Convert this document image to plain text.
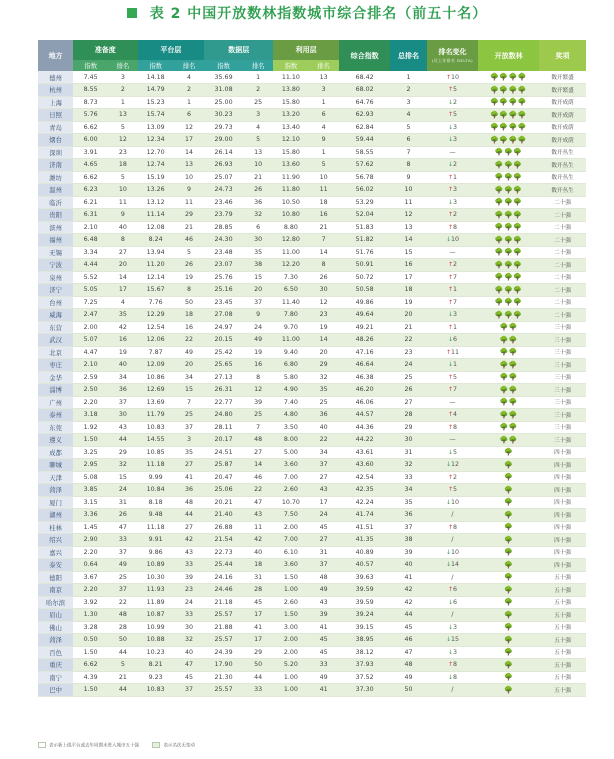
表 2 中国开放数林指数城市综合排名（前五十名）
地方	准备度		平台层		数据层		利用层		综合指数	总排名	排名变化
(比上年排名 DELTA)	开放数林	奖项
	指数	排名	指数	排名	指数	排名	指数	排名					
德州	7.45	3	14.18	4	35.69	1	11.10	13	68.42	1	↑10	🌳🌳🌳🌳	数开繁盛
杭州	8.55	2	14.79	2	31.08	2	13.80	3	68.02	2	↑5	🌳🌳🌳🌳	数开繁盛
上海	8.73	1	15.23	1	25.00	25	15.80	1	64.76	3	↓2	🌳🌳🌳🌳	数开成荫
日照	5.76	13	15.74	6	30.23	3	13.20	6	62.93	4	↑5	🌳🌳🌳🌳	数开成荫
青岛	6.62	5	13.09	12	29.73	4	13.40	4	62.84	5	↓3	🌳🌳🌳🌳	数开成荫
烟台	6.00	12	12.34	17	29.00	5	12.10	9	59.44	6	↓3	🌳🌳🌳🌳	数开成荫
深圳	3.91	23	12.70	14	26.14	13	15.80	1	58.55	7	—	🌳🌳🌳	数开丛生
济南	4.65	18	12.74	13	26.93	10	13.60	5	57.62	8	↓2	🌳🌳🌳	数开丛生
潍坊	6.62	5	15.19	10	25.07	21	11.90	10	56.78	9	↑1	🌳🌳🌳	数开丛生
温州	6.23	10	13.26	9	24.73	26	11.80	11	56.02	10	↑3	🌳🌳🌳	数开丛生
临沂	6.21	11	13.12	11	23.46	36	10.50	18	53.29	11	↓3	🌳🌳🌳	二十强
贵阳	6.31	9	11.14	29	23.79	32	10.80	16	52.04	12	↑2	🌳🌳🌳	二十强
滨州	2.10	40	12.08	21	28.85	6	8.80	21	51.83	13	↑8	🌳🌳🌳	二十强
福州	6.48	8	8.24	46	24.30	30	12.80	7	51.82	14	↓10	🌳🌳🌳	二十强
无锡	3.34	27	13.94	5	23.48	35	11.00	14	51.76	15	—	🌳🌳🌳	二十强
宁波	4.44	20	11.20	26	23.07	38	12.20	8	50.91	16	↑2	🌳🌳🌳	二十强
泉州	5.52	14	12.14	19	25.76	15	7.30	26	50.72	17	↑7	🌳🌳🌳	二十强
济宁	5.05	17	15.67	8	25.16	20	6.50	30	50.58	18	↑1	🌳🌳🌳	二十强
台州	7.25	4	7.76	50	23.45	37	11.40	12	49.86	19	↑7	🌳🌳🌳	二十强
威海	2.47	35	12.29	18	27.08	9	7.80	23	49.64	20	↓3	🌳🌳🌳	二十强
东营	2.00	42	12.54	16	24.97	24	9.70	19	49.21	21	↑1	🌳🌳	三十强
武汉	5.07	16	12.06	22	20.15	49	11.00	14	48.26	22	↓6	🌳🌳	三十强
北京	4.47	19	7.87	49	25.42	19	9.40	20	47.16	23	↑11	🌳🌳	三十强
枣庄	2.10	40	12.09	20	25.65	16	6.80	29	46.64	24	↓1	🌳🌳	三十强
金华	2.59	34	10.86	34	27.13	8	5.80	32	46.38	25	↑5	🌳🌳	三十强
淄博	2.50	36	12.69	15	26.31	12	4.90	35	46.20	26	↑7	🌳🌳	三十强
广州	2.20	37	13.69	7	22.77	39	7.40	25	46.06	27	—	🌳🌳	三十强
泰州	3.18	30	11.79	25	24.80	25	4.80	36	44.57	28	↑4	🌳🌳	三十强
东莞	1.92	43	10.83	37	28.11	7	3.50	40	44.36	29	↑8	🌳🌳	三十强
遵义	1.50	44	14.55	3	20.17	48	8.00	22	44.22	30	—	🌳🌳	三十强
成都	3.25	29	10.85	35	24.51	27	5.00	34	43.61	31	↓5	🌳	四十强
聊城	2.95	32	11.18	27	25.87	14	3.60	37	43.60	32	↓12	🌳	四十强
天津	5.08	15	9.99	41	20.47	46	7.00	27	42.54	33	↑2	🌳	四十强
菏泽	3.85	24	10.84	36	25.06	22	2.60	43	42.35	34	↑5	🌳	四十强
厦门	3.15	31	8.18	48	20.21	47	10.70	17	42.24	35	↓10	🌳	四十强
湖州	3.36	26	9.48	44	21.40	43	7.50	24	41.74	36	/	🌳	四十强
桂林	1.45	47	11.18	27	26.88	11	2.00	45	41.51	37	↑8	🌳	四十强
绍兴	2.90	33	9.91	42	21.54	42	7.00	27	41.35	38	/	🌳	四十强
嘉兴	2.20	37	9.86	43	22.73	40	6.10	31	40.89	39	↓10	🌳	四十强
泰安	0.64	49	10.89	33	25.44	18	3.60	37	40.57	40	↓14	🌳	四十强
德阳	3.67	25	10.30	39	24.16	31	1.50	48	39.63	41	/	🌳	五十强
南京	2.20	37	11.93	23	24.46	28	1.00	49	39.59	42	↑6	🌳	五十强
哈尔滨	3.92	22	11.89	24	21.18	45	2.60	43	39.59	42	↓6	🌳	五十强
眉山	1.30	48	10.87	33	25.57	17	1.50	39	39.24	44	/	🌳	五十强
佛山	3.28	28	10.99	30	21.88	41	3.00	41	39.15	45	↓3	🌳	五十强
菏泽	0.50	50	10.88	32	25.57	17	2.00	45	38.95	46	↓15	🌳	五十强
百色	1.50	44	10.23	40	24.39	29	2.00	45	38.12	47	↓3	🌳	五十强
重庆	6.62	5	8.21	47	17.90	50	5.20	33	37.93	48	↑8	🌳	五十强
南宁	4.39	21	9.23	45	21.30	44	1.00	49	37.52	49	↓8	🌳	五十强
巴中	1.50	44	10.83	37	25.57	33	1.00	41	37.30	50	/	🌳	五十强
表示新上线平台或去年同期未进入城市五十强	表示名次无变动
